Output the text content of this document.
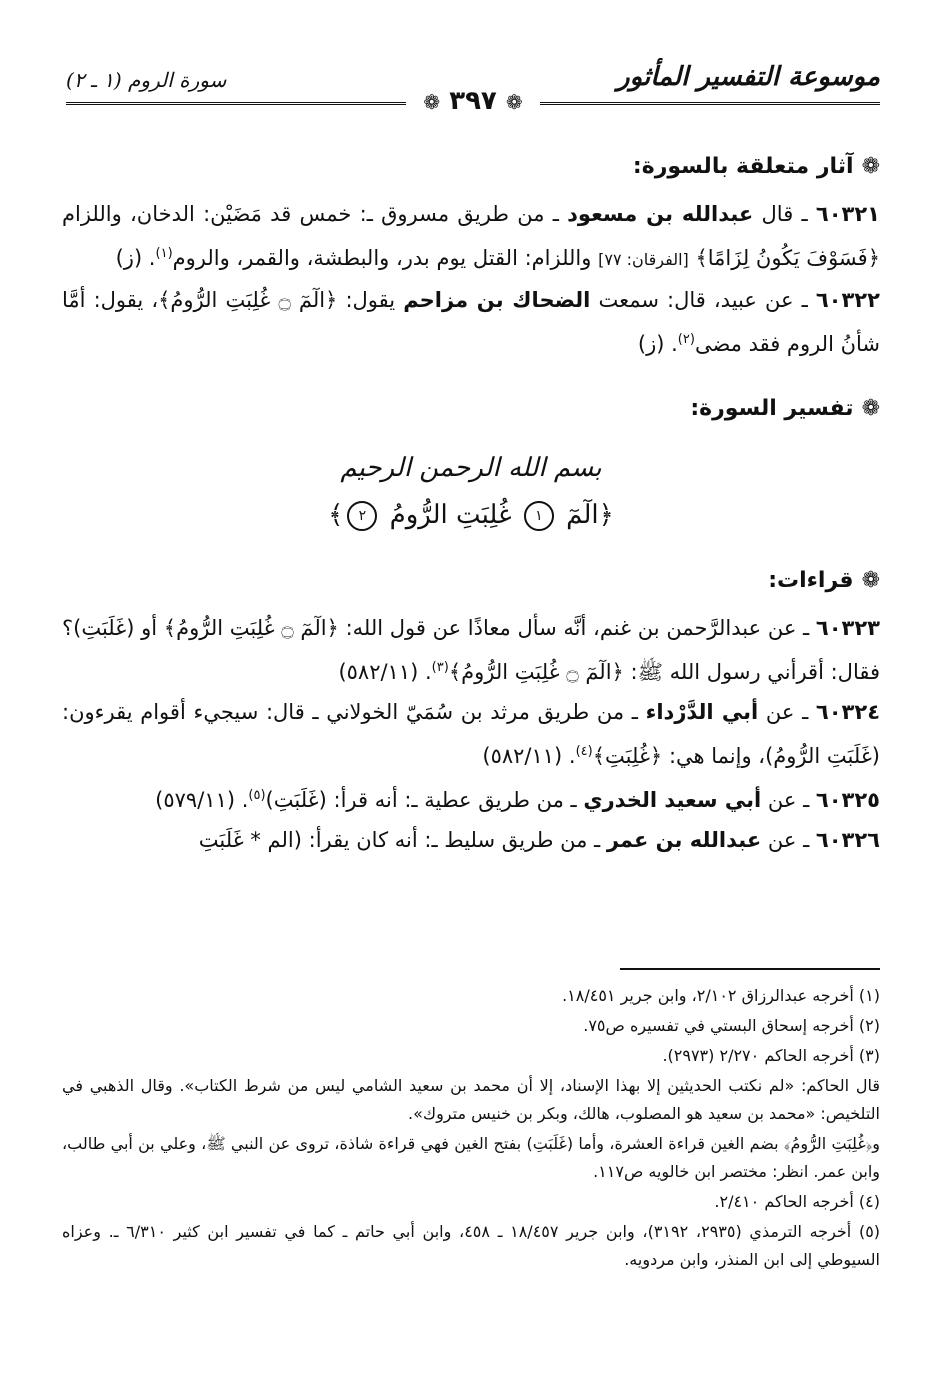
موسوعة التفسير المأثور
سورة الروم (١ ـ ٢)
❁ ٣٩٧ ❁
❁آثار متعلقة بالسورة:

٦٠٣٢١ ـ قال عبدالله بن مسعود ـ من طريق مسروق ـ: خمس قد مَضَيْن: الدخان، واللزام ﴿فَسَوْفَ يَكُونُ لِزَامًا﴾ [الفرقان: ٧٧] واللزام: القتل يوم بدر، والبطشة، والقمر، والروم$^{(١)}$. (ز)

٦٠٣٢٢ ـ عن عبيد، قال: سمعت الضحاك بن مزاحم يقول: ﴿الٓمٓ ۝ غُلِبَتِ الرُّومُ﴾، يقول: أمَّا شأنُ الروم فقد مضى$^{(٢)}$. (ز)

❁تفسير السورة:
بسم الله الرحمن الرحيم
﴿الٓمٓ ١ غُلِبَتِ الرُّومُ ٢﴾
❁قراءات:

٦٠٣٢٣ ـ عن عبدالرَّحمن بن غنم، أنَّه سأل معاذًا عن قول الله: ﴿الٓمٓ ۝ غُلِبَتِ الرُّومُ﴾ أو (غَلَبَتِ)؟ فقال: أقرأني رسول الله ﷺ: ﴿الٓمٓ ۝ غُلِبَتِ الرُّومُ﴾$^{(٣)}$. (٥٨٢/١١)

٦٠٣٢٤ ـ عن أبي الدَّرْداء ـ من طريق مرثد بن سُمَيّ الخولاني ـ قال: سيجيء أقوام يقرءون: (غَلَبَتِ الرُّومُ)، وإنما هي: ﴿غُلِبَتِ﴾$^{(٤)}$. (٥٨٢/١١)

٦٠٣٢٥ ـ عن أبي سعيد الخدري ـ من طريق عطية ـ: أنه قرأ: (غَلَبَتِ)$^{(٥)}$. (٥٧٩/١١)

٦٠٣٢٦ ـ عن عبدالله بن عمر ـ من طريق سليط ـ: أنه كان يقرأ: (الم * غَلَبَتِ

(١) أخرجه عبدالرزاق ٢/١٠٢، وابن جرير ١٨/٤٥١.

(٢) أخرجه إسحاق البستي في تفسيره ص٧٥.

(٣) أخرجه الحاكم ٢/٢٧٠ (٢٩٧٣).

قال الحاكم: «لم نكتب الحديثين إلا بهذا الإسناد، إلا أن محمد بن سعيد الشامي ليس من شرط الكتاب». وقال الذهبي في التلخيص: «محمد بن سعيد هو المصلوب، هالك، وبكر بن خنيس متروك».

و﴿غُلِبَتِ الرُّومُ﴾ بضم الغين قراءة العشرة، وأما (غَلَبَتِ) بفتح الغين فهي قراءة شاذة، تروى عن النبي ﷺ، وعلي بن أبي طالب، وابن عمر. انظر: مختصر ابن خالويه ص١١٧.

(٤) أخرجه الحاكم ٢/٤١٠.

(٥) أخرجه الترمذي (٢٩٣٥، ٣١٩٢)، وابن جرير ١٨/٤٥٧ ـ ٤٥٨، وابن أبي حاتم ـ كما في تفسير ابن كثير ٦/٣١٠ ـ. وعزاه السيوطي إلى ابن المنذر، وابن مردويه.
